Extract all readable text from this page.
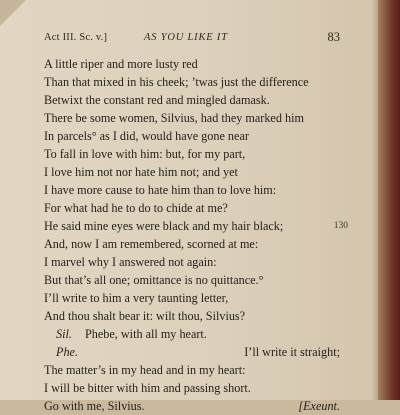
Act III. Sc. v.]	AS YOU LIKE IT	83
A little riper and more lusty red
Than that mixed in his cheek; ’twas just the difference
Betwixt the constant red and mingled damask.
There be some women, Silvius, had they marked him
In parcels° as I did, would have gone near
To fall in love with him: but, for my part,
I love him not nor hate him not; and yet
I have more cause to hate him than to love him:
For what had he to do to chide at me?
He said mine eyes were black and my hair black;	130
And, now I am remembered, scorned at me:
I marvel why I answered not again:
But that’s all one; omittance is no quittance.°
I’ll write to him a very taunting letter,
And thou shalt bear it: wilt thou, Silvius?
Sil. Phebe, with all my heart.
Phe.	I’ll write it straight;
The matter’s in my head and in my heart:
I will be bitter with him and passing short.
Go with me, Silvius.	[Exeunt.
